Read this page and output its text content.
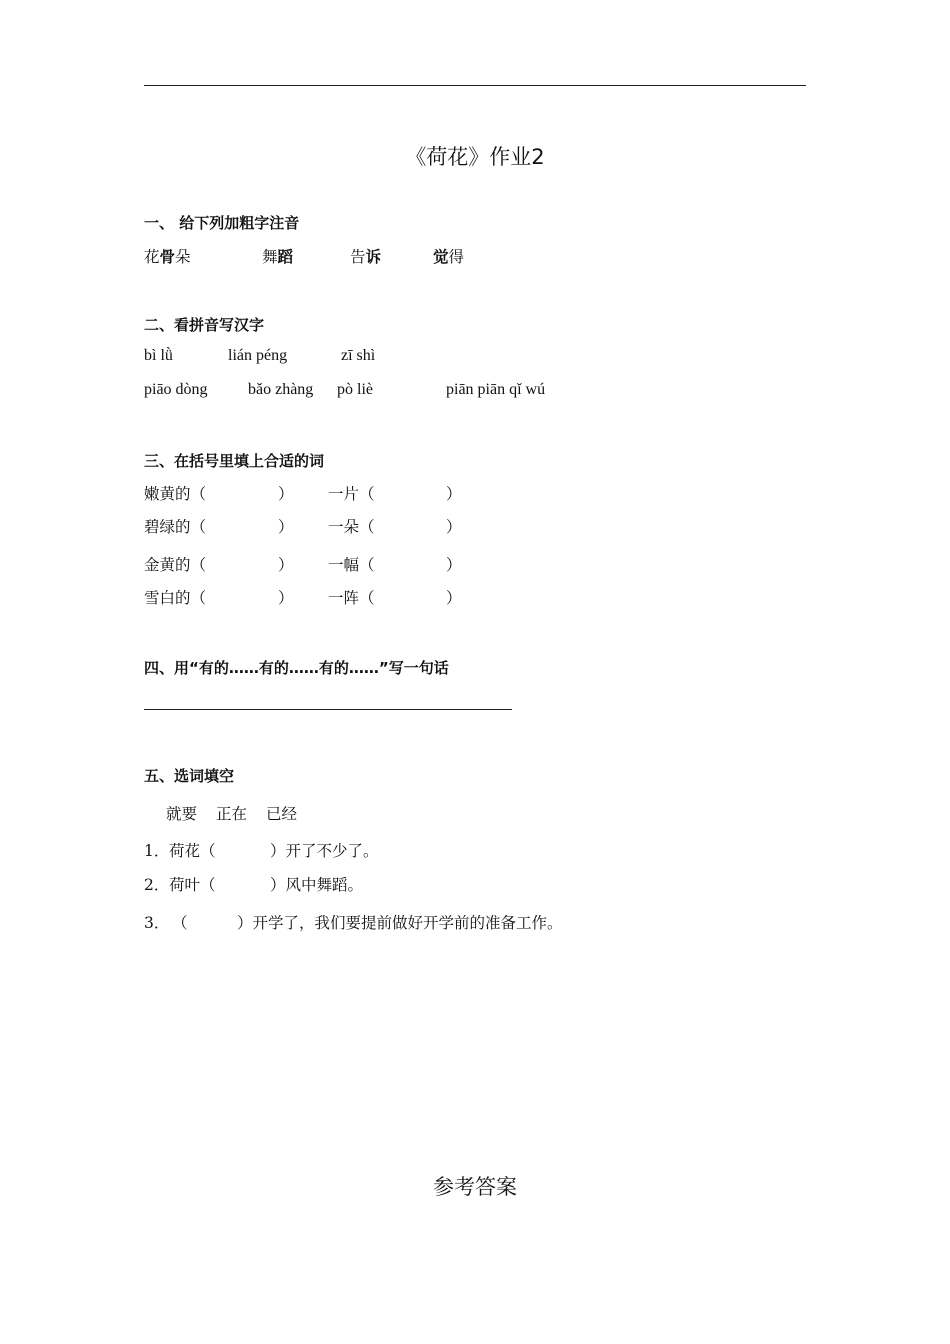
《荷花》作业2
一、 给下列加粗字注音
花骨朵	舞蹈	告诉	觉得
二、看拼音写汉字
bì lǜ	lián péng	zī shì
piāo dòng	bǎo zhàng pò liè	piān piān qǐ wú
三、在括号里填上合适的词
嫩黄的（	） 一片（	）
碧绿的（	） 一朵（	）
金黄的（	） 一幅（	）
雪白的（	） 一阵（	）
四、用“有的……有的……有的……”写一句话
五、选词填空
就要 正在 已经
1． 荷花（	）开了不少了。
2． 荷叶（	）风中舞蹈。
3． （	）开学了，我们要提前做好开学前的准备工作。
参考答案
